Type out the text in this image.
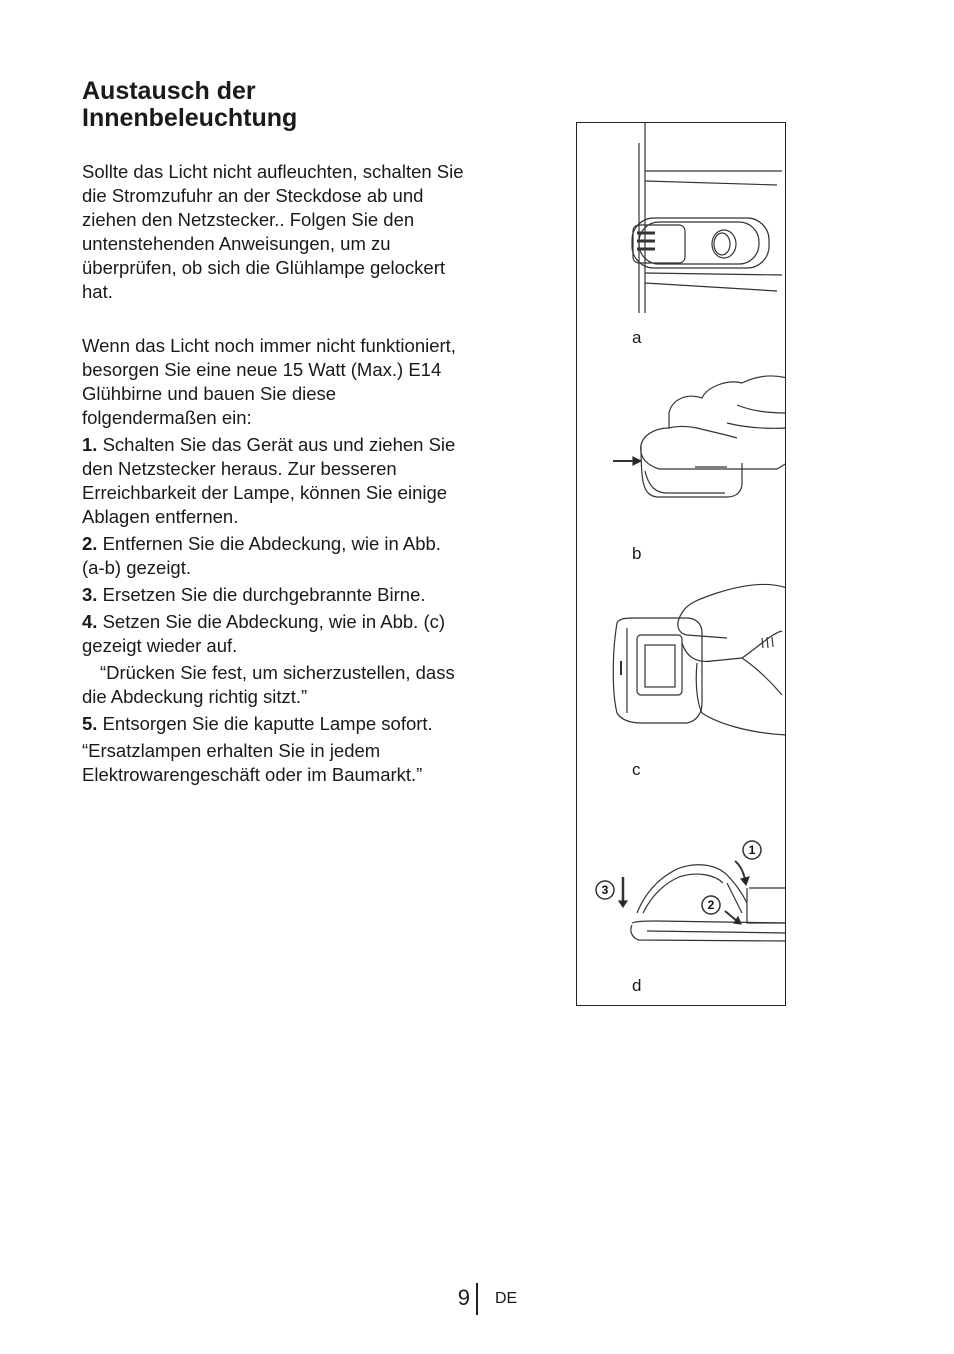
Austausch der
Innenbeleuchtung

Sollte das Licht nicht aufleuchten, schalten Sie die Stromzufuhr an der Steckdose ab und ziehen den Netzstecker.. Folgen Sie den untenstehenden Anweisungen, um zu überprüfen, ob sich die Glühlampe gelockert hat.

Wenn das Licht noch immer nicht funktioniert, besorgen Sie eine neue 15 Watt (Max.) E14 Glühbirne und bauen Sie diese folgendermaßen ein:

1. Schalten Sie das Gerät aus und ziehen Sie den Netzstecker heraus. Zur besseren Erreichbarkeit der Lampe, können Sie einige Ablagen entfernen.

2. Entfernen Sie die Abdeckung, wie in Abb. (a-b) gezeigt.

3. Ersetzen Sie die durchgebrannte Birne.

4. Setzen Sie die Abdeckung, wie in Abb. (c) gezeigt wieder auf.

“Drücken Sie fest, um sicherzustellen, dass die Abdeckung richtig sitzt.”

5. Entsorgen Sie die kaputte Lampe sofort.

“Ersatzlampen erhalten Sie in jedem Elektrowarengeschäft oder im Baumarkt.”

1
2
3
a
b
c
d
9 DE
